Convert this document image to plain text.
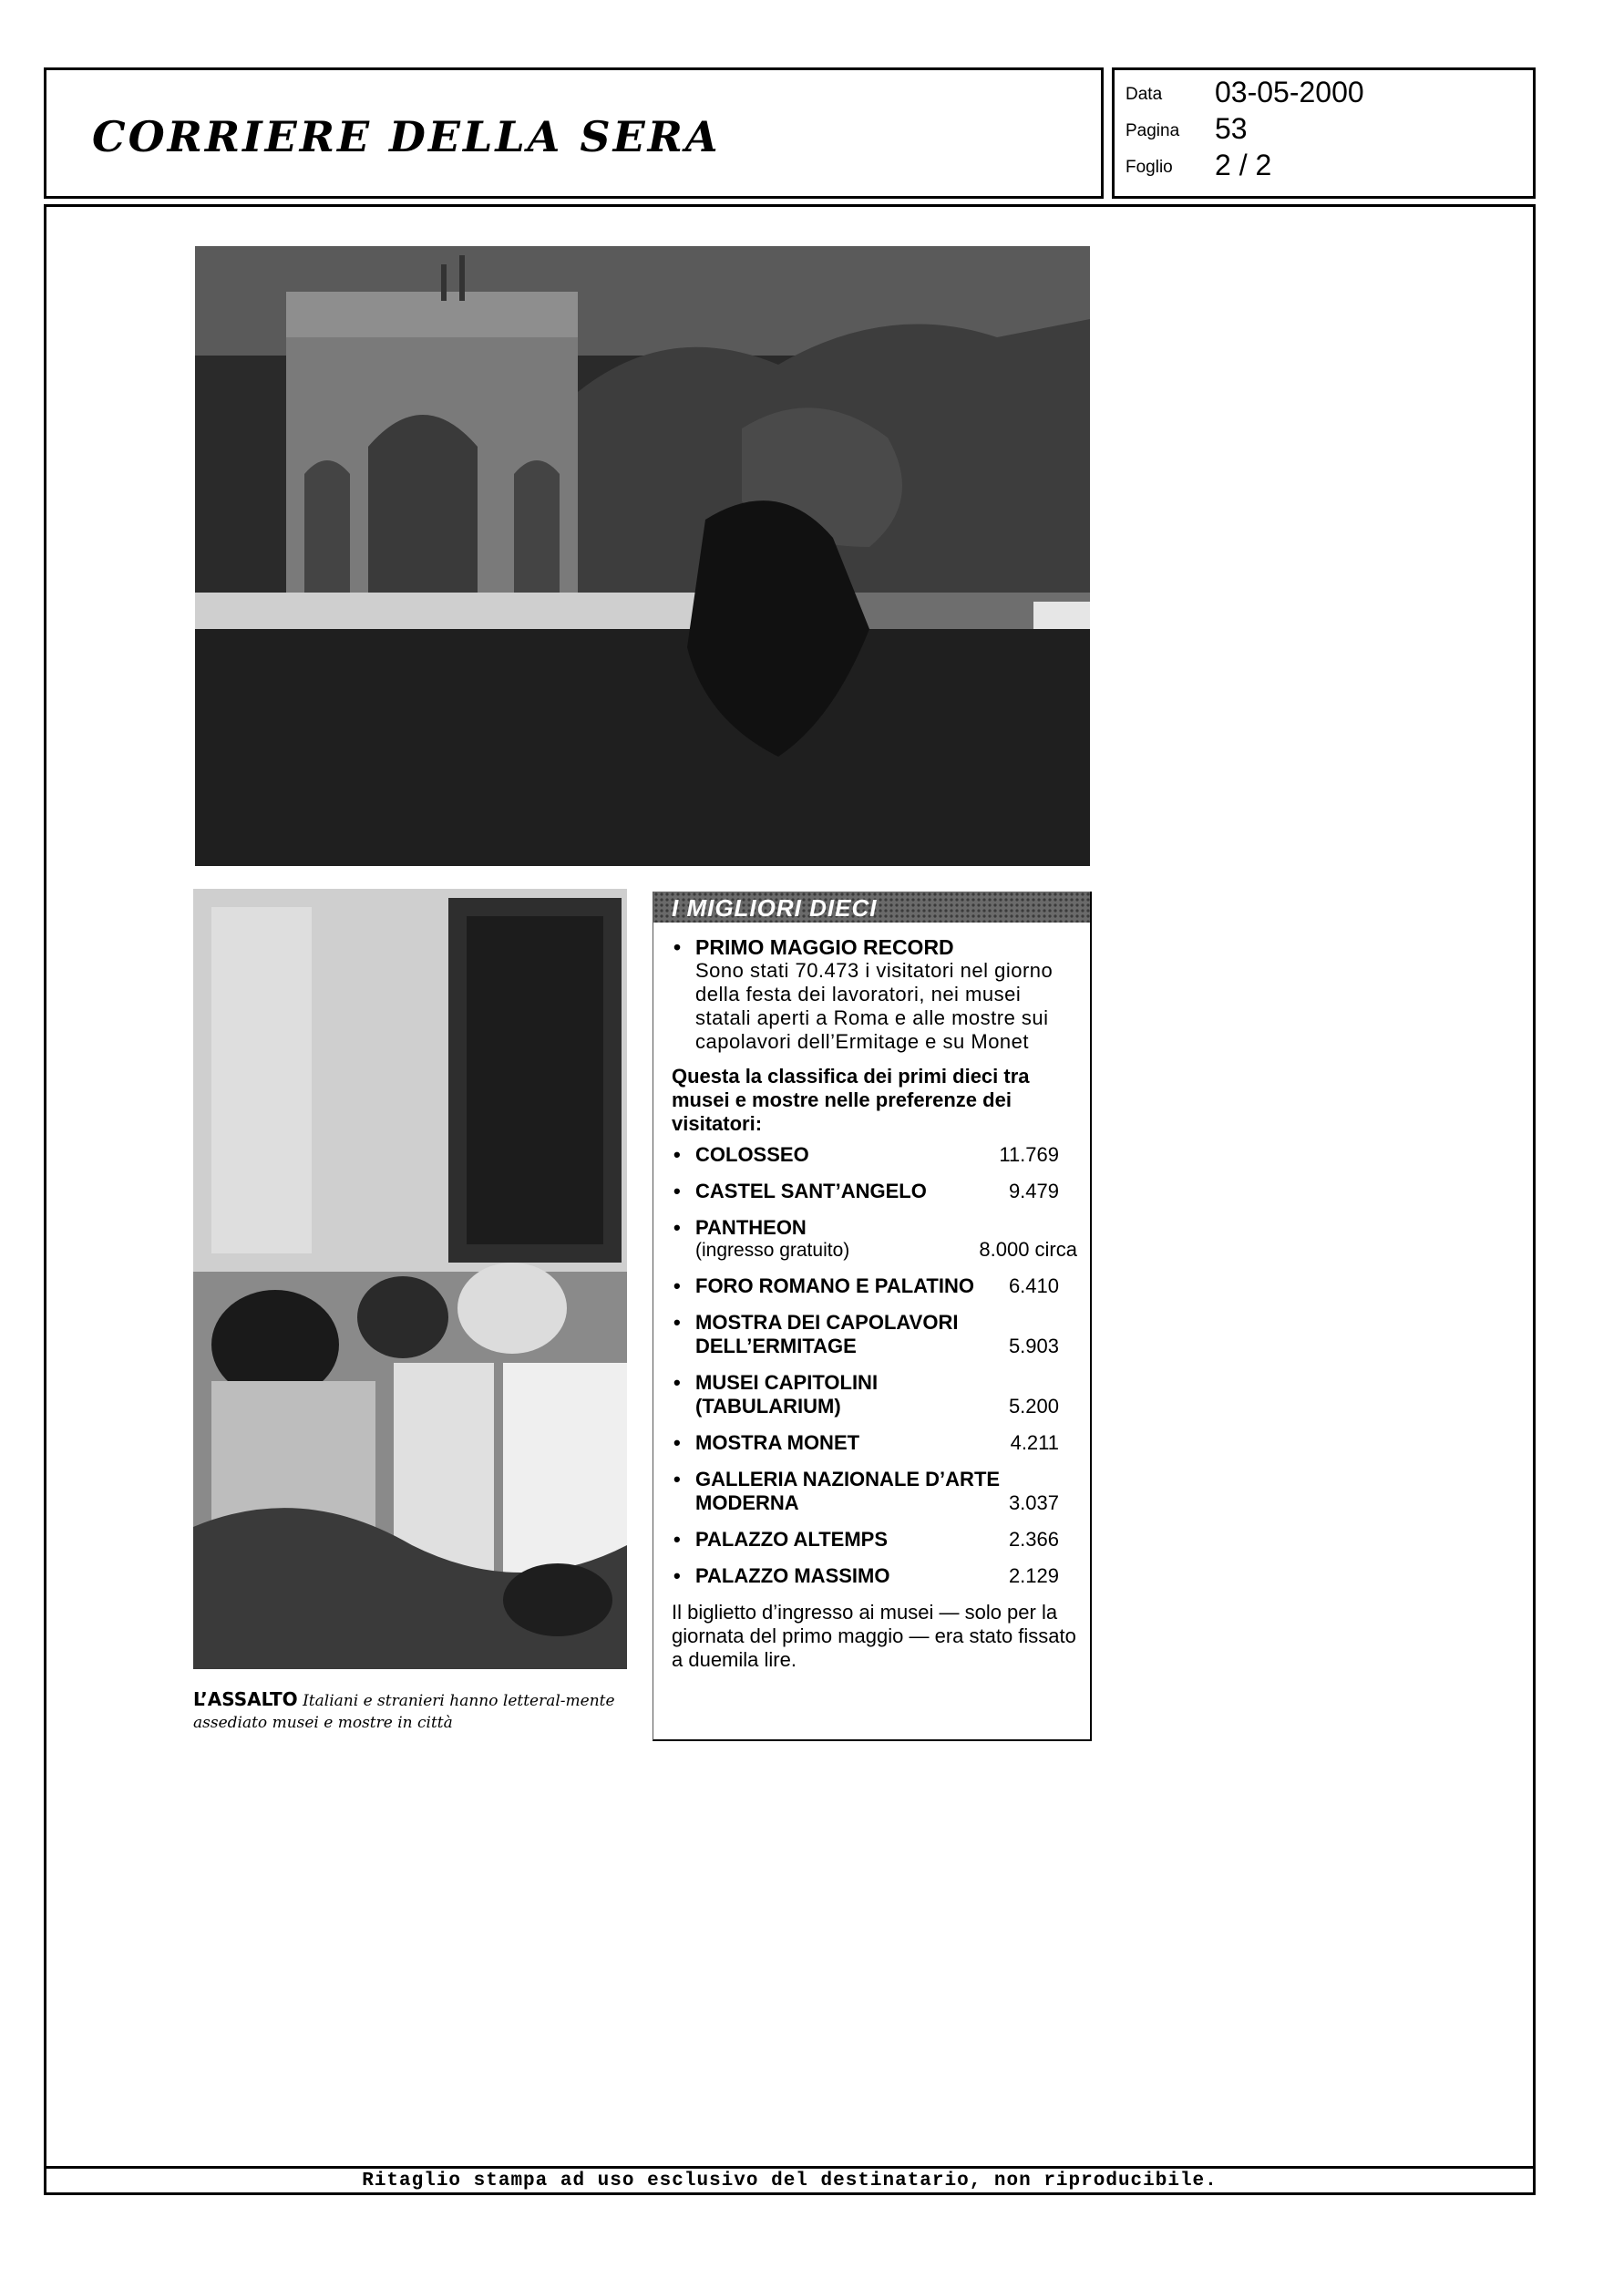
CORRIERE DELLA SERA
Data 03-05-2000
Pagina 53
Foglio 2 / 2
L’ASSALTO Italiani e stranieri hanno letteral-mente assediato musei e mostre in città
I MIGLIORI DIECI
• PRIMO MAGGIO RECORD
Sono stati 70.473 i visitatori nel giorno della festa dei lavoratori, nei musei statali aperti a Roma e alle mostre sui capolavori dell’Ermitage e su Monet
Questa la classifica dei primi dieci tra musei e mostre nelle preferenze dei visitatori:
• COLOSSEO	11.769
• CASTEL SANT’ANGELO	9.479
• PANTHEON
(ingresso gratuito)	8.000 circa
• FORO ROMANO E PALATINO	6.410
• MOSTRA DEI CAPOLAVORI DELL’ERMITAGE	5.903
• MUSEI CAPITOLINI (TABULARIUM)	5.200
• MOSTRA MONET	4.211
• GALLERIA NAZIONALE D’ARTE MODERNA	3.037
• PALAZZO ALTEMPS	2.366
• PALAZZO MASSIMO	2.129
Il biglietto d’ingresso ai musei — solo per la giornata del primo maggio — era stato fissato a duemila lire.
Ritaglio stampa ad uso esclusivo del destinatario, non riproducibile.
